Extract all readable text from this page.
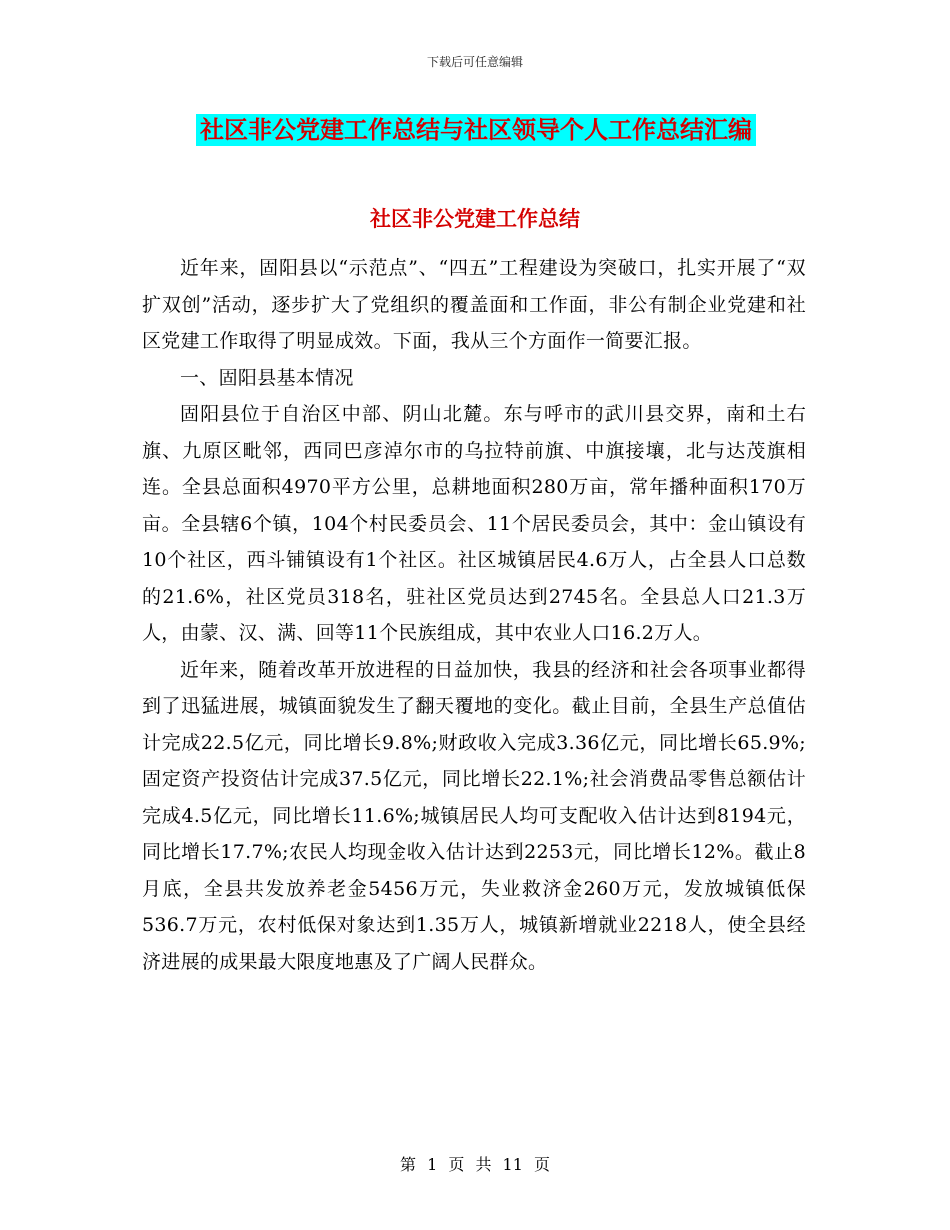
下载后可任意编辑
社区非公党建工作总结与社区领导个人工作总结汇编
社区非公党建工作总结

近年来，固阳县以“示范点”、“四五”工程建设为突破口，扎实开展了“双扩双创”活动，逐步扩大了党组织的覆盖面和工作面，非公有制企业党建和社区党建工作取得了明显成效。下面，我从三个方面作一简要汇报。

一、固阳县基本情况

固阳县位于自治区中部、阴山北麓。东与呼市的武川县交界，南和土右旗、九原区毗邻，西同巴彦淖尔市的乌拉特前旗、中旗接壤，北与达茂旗相连。全县总面积4970平方公里，总耕地面积280万亩，常年播种面积170万亩。全县辖6个镇，104个村民委员会、11个居民委员会，其中：金山镇设有10个社区，西斗铺镇设有1个社区。社区城镇居民4.6万人，占全县人口总数的21.6%，社区党员318名，驻社区党员达到2745名。全县总人口21.3万人，由蒙、汉、满、回等11个民族组成，其中农业人口16.2万人。

近年来，随着改革开放进程的日益加快，我县的经济和社会各项事业都得到了迅猛进展，城镇面貌发生了翻天覆地的变化。截止目前，全县生产总值估计完成22.5亿元，同比增长9.8%;财政收入完成3.36亿元，同比增长65.9%;固定资产投资估计完成37.5亿元，同比增长22.1%;社会消费品零售总额估计完成4.5亿元，同比增长11.6%;城镇居民人均可支配收入估计达到8194元，同比增长17.7%;农民人均现金收入估计达到2253元，同比增长12%。截止8月底，全县共发放养老金5456万元，失业救济金260万元，发放城镇低保536.7万元，农村低保对象达到1.35万人，城镇新增就业2218人，使全县经济进展的成果最大限度地惠及了广阔人民群众。

第 1 页 共 11 页
